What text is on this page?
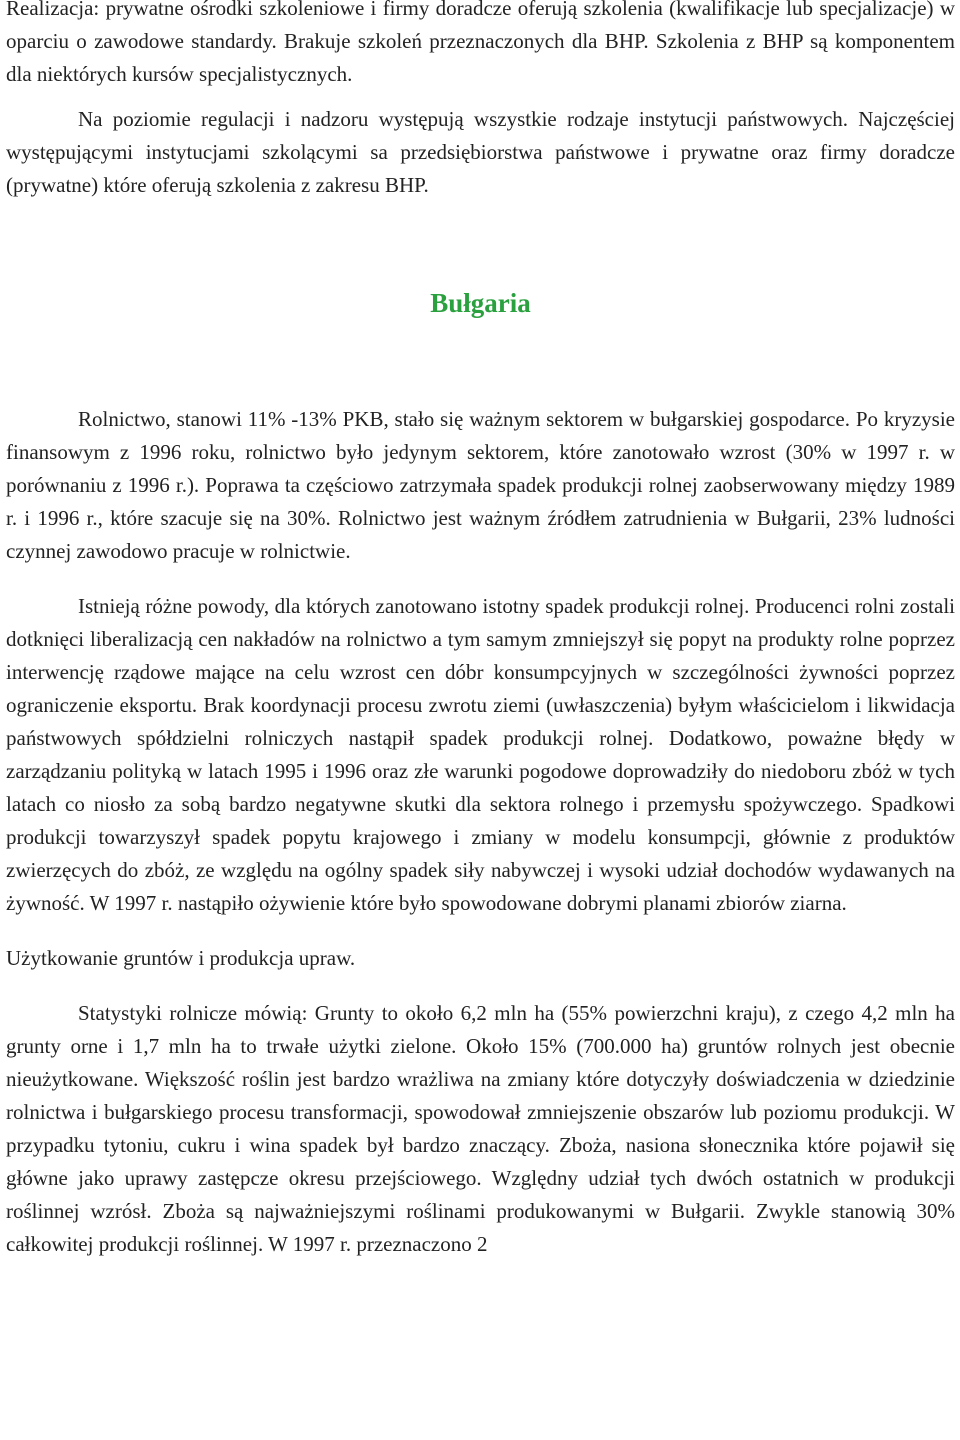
Realizacja: prywatne ośrodki szkoleniowe i firmy doradcze oferują szkolenia (kwalifikacje lub specjalizacje) w oparciu o zawodowe standardy. Brakuje szkoleń przeznaczonych dla BHP. Szkolenia z BHP są komponentem dla niektórych kursów specjalistycznych.

Na poziomie regulacji i nadzoru występują wszystkie rodzaje instytucji państwowych. Najczęściej występującymi instytucjami szkolącymi sa przedsiębiorstwa państwowe i prywatne oraz firmy doradcze (prywatne) które oferują szkolenia z zakresu BHP.

Bułgaria

Rolnictwo, stanowi 11% -13% PKB, stało się ważnym sektorem w bułgarskiej gospodarce. Po kryzysie finansowym z 1996 roku, rolnictwo było jedynym sektorem, które zanotowało wzrost (30% w 1997 r. w porównaniu z 1996 r.). Poprawa ta częściowo zatrzymała spadek produkcji rolnej zaobserwowany między 1989 r. i 1996 r., które szacuje się na 30%. Rolnictwo jest ważnym źródłem zatrudnienia w Bułgarii, 23% ludności czynnej zawodowo pracuje w rolnictwie.

Istnieją różne powody, dla których zanotowano istotny spadek produkcji rolnej. Producenci rolni zostali dotknięci liberalizacją cen nakładów na rolnictwo a tym samym zmniejszył się popyt na produkty rolne poprzez interwencję rządowe mające na celu wzrost cen dóbr konsumpcyjnych w szczególności żywności poprzez ograniczenie eksportu. Brak koordynacji procesu zwrotu ziemi (uwłaszczenia) byłym właścicielom i likwidacja państwowych spółdzielni rolniczych nastąpił spadek produkcji rolnej. Dodatkowo, poważne błędy w zarządzaniu polityką w latach 1995 i 1996 oraz złe warunki pogodowe doprowadziły do niedoboru zbóż w tych latach co niosło za sobą bardzo negatywne skutki dla sektora rolnego i przemysłu spożywczego. Spadkowi produkcji towarzyszył spadek popytu krajowego i zmiany w modelu konsumpcji, głównie z produktów zwierzęcych do zbóż, ze względu na ogólny spadek siły nabywczej i wysoki udział dochodów wydawanych na żywność. W 1997 r. nastąpiło ożywienie które było spowodowane dobrymi planami zbiorów ziarna.

Użytkowanie gruntów i produkcja upraw.

Statystyki rolnicze mówią: Grunty to około 6,2 mln ha (55% powierzchni kraju), z czego 4,2 mln ha grunty orne i 1,7 mln ha to trwałe użytki zielone. Około 15% (700.000 ha) gruntów rolnych jest obecnie nieużytkowane. Większość roślin jest bardzo wrażliwa na zmiany które dotyczyły doświadczenia w dziedzinie rolnictwa i bułgarskiego procesu transformacji, spowodował zmniejszenie obszarów lub poziomu produkcji. W przypadku tytoniu, cukru i wina spadek był bardzo znaczący. Zboża, nasiona słonecznika które pojawił się główne jako uprawy zastępcze okresu przejściowego. Względny udział tych dwóch ostatnich w produkcji roślinnej wzrósł. Zboża są najważniejszymi roślinami produkowanymi w Bułgarii. Zwykle stanowią 30% całkowitej produkcji roślinnej. W 1997 r. przeznaczono 2
